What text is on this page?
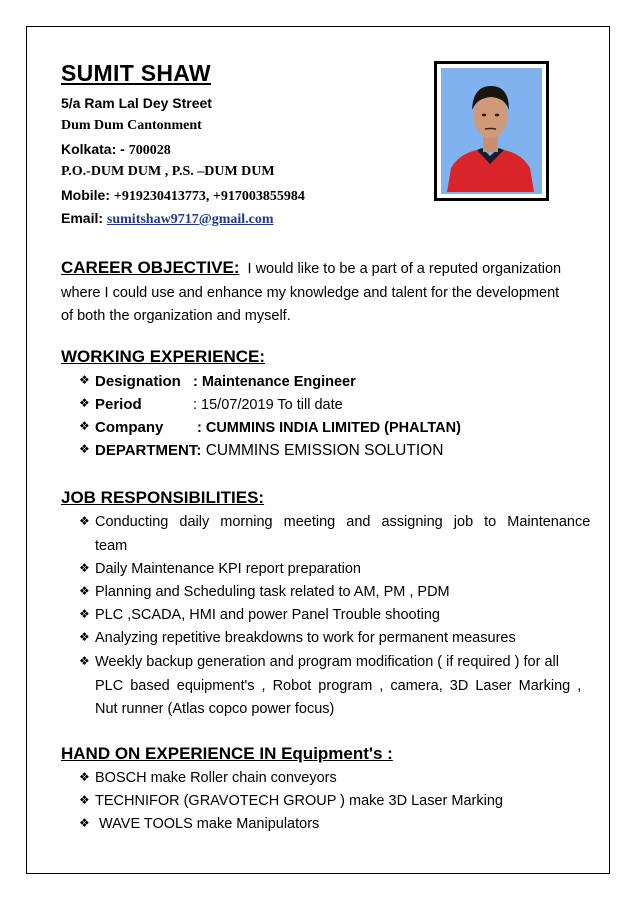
SUMIT SHAW
5/a Ram Lal Dey Street
Dum Dum Cantonment
Kolkata: - 700028
P.O.-DUM DUM , P.S. –DUM DUM
Mobile: +919230413773, +917003855984
Email: sumitshaw9717@gmail.com
CAREER OBJECTIVE: I would like to be a part of a reputed organization
where I could use and enhance my knowledge and talent for the development
of both the organization and myself.
WORKING EXPERIENCE:
❖ Designation : Maintenance Engineer
❖ Period	: 15/07/2019 To till date
❖ Company : CUMMINS INDIA LIMITED (PHALTAN)
❖ DEPARTMENT: CUMMINS EMISSION SOLUTION
JOB RESPONSIBILITIES:
❖ Conducting daily morning meeting and assigning job to Maintenance
team
❖ Daily Maintenance KPI report preparation
❖ Planning and Scheduling task related to AM, PM , PDM
❖ PLC ,SCADA, HMI and power Panel Trouble shooting
❖ Analyzing repetitive breakdowns to work for permanent measures
❖ Weekly backup generation and program modification ( if required ) for all
PLC based equipment's , Robot program , camera, 3D Laser Marking ,
Nut runner (Atlas copco power focus)
HAND ON EXPERIENCE IN Equipment's :
❖ BOSCH make Roller chain conveyors
❖ TECHNIFOR (GRAVOTECH GROUP ) make 3D Laser Marking
❖ WAVE TOOLS make Manipulators
